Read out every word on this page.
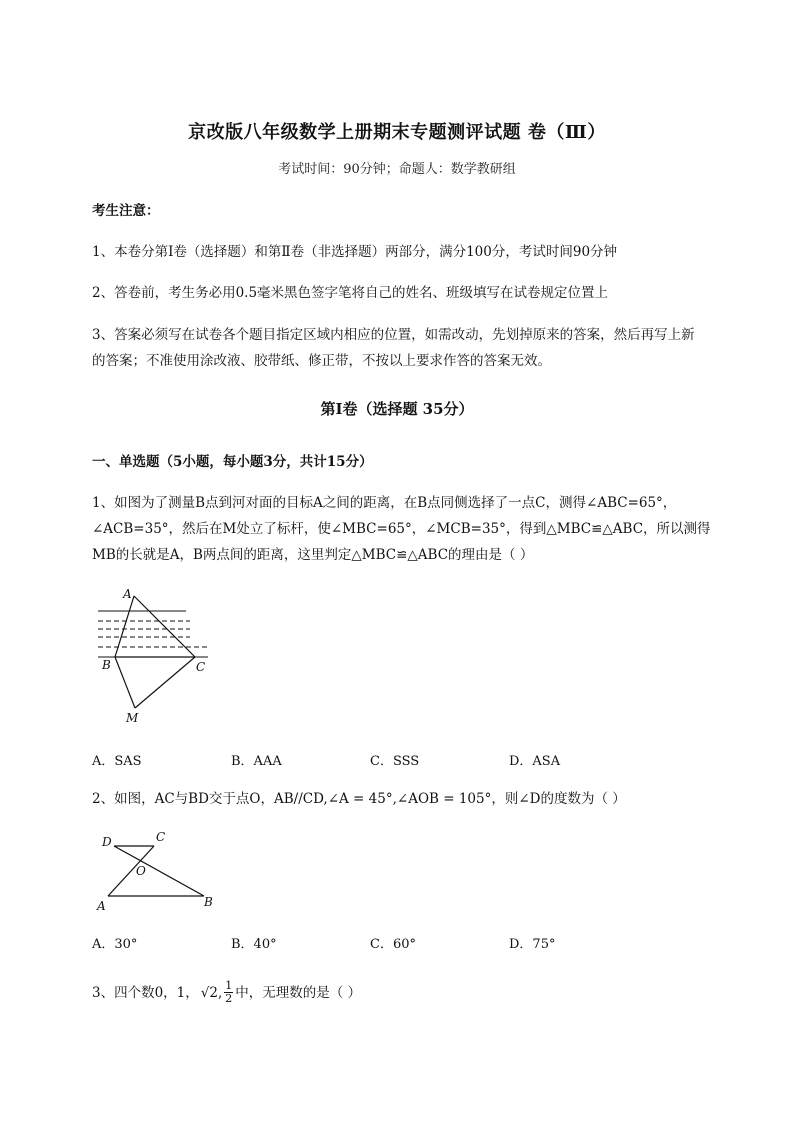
京改版八年级数学上册期末专题测评试题 卷（Ⅲ）
考试时间：90分钟；命题人：数学教研组
考生注意：
1、本卷分第I卷（选择题）和第Ⅱ卷（非选择题）两部分，满分100分，考试时间90分钟
2、答卷前，考生务必用0.5毫米黑色签字笔将自己的姓名、班级填写在试卷规定位置上
3、答案必须写在试卷各个题目指定区域内相应的位置，如需改动，先划掉原来的答案，然后再写上新
的答案；不准使用涂改液、胶带纸、修正带，不按以上要求作答的答案无效。
第I卷（选择题 35分）
一、单选题（5小题，每小题3分，共计15分）
1、如图为了测量B点到河对面的目标A之间的距离，在B点同侧选择了一点C，测得∠ABC=65°，
∠ACB=35°，然后在M处立了标杆，使∠MBC=65°，∠MCB=35°，得到△MBC≌△ABC，所以测得
MB的长就是A，B两点间的距离，这里判定△MBC≌△ABC的理由是（ ）
A
B	C
M
A．SAS	B．AAA	C．SSS	D．ASA
2、如图，AC与BD交于点O，AB//CD,∠A = 45°,∠AOB = 105°，则∠D的度数为（ ）
D	C
O
A	B
A．30°	B．40°	C．60°	D．75°
3、四个数0，1， √2 , $\frac{1}{2}$ 中，无理数的是（ ）
